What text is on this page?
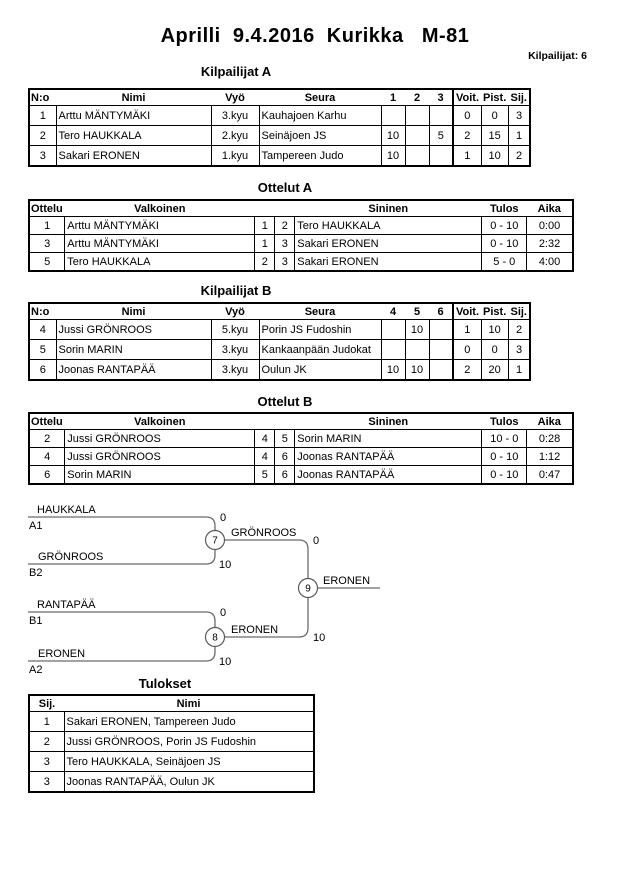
Aprilli  9.4.2016  Kurikka   M-81
Kilpailijat: 6
Kilpailijat A
N:o	Nimi	Vyö	Seura	1	2	3	Voit.	Pist.	Sij.
1	Arttu MÄNTYMÄKI	3.kyu	Kauhajoen Karhu				0	0	3
2	Tero HAUKKALA	2.kyu	Seinäjoen JS	10		5	2	15	1
3	Sakari ERONEN	1.kyu	Tampereen Judo	10			1	10	2
Ottelut A
Ottelu	Valkoinen			Sininen	Tulos	Aika
1	Arttu MÄNTYMÄKI	1	2	Tero HAUKKALA	0 - 10	0:00
3	Arttu MÄNTYMÄKI	1	3	Sakari ERONEN	0 - 10	2:32
5	Tero HAUKKALA	2	3	Sakari ERONEN	5 - 0	4:00
Kilpailijat B
N:o	Nimi	Vyö	Seura	4	5	6	Voit.	Pist.	Sij.
4	Jussi GRÖNROOS	5.kyu	Porin JS Fudoshin		10		1	10	2
5	Sorin MARIN	3.kyu	Kankaanpään Judokat				0	0	3
6	Joonas RANTAPÄÄ	3.kyu	Oulun JK	10	10		2	20	1
Ottelut B
Ottelu	Valkoinen			Sininen	Tulos	Aika
2	Jussi GRÖNROOS	4	5	Sorin MARIN	10 - 0	0:28
4	Jussi GRÖNROOS	4	6	Joonas RANTAPÄÄ	0 - 10	1:12
6	Sorin MARIN	5	6	Joonas RANTAPÄÄ	0 - 10	0:47
7
8
9
HAUKKALA
A1
0
GRÖNROOS
B2
10
GRÖNROOS
0
RANTAPÄÄ
B1
0
ERONEN
A2
10
ERONEN
10
ERONEN
Tulokset
Sij.	Nimi
1	Sakari ERONEN, Tampereen Judo
2	Jussi GRÖNROOS, Porin JS Fudoshin
3	Tero HAUKKALA, Seinäjoen JS
3	Joonas RANTAPÄÄ, Oulun JK
